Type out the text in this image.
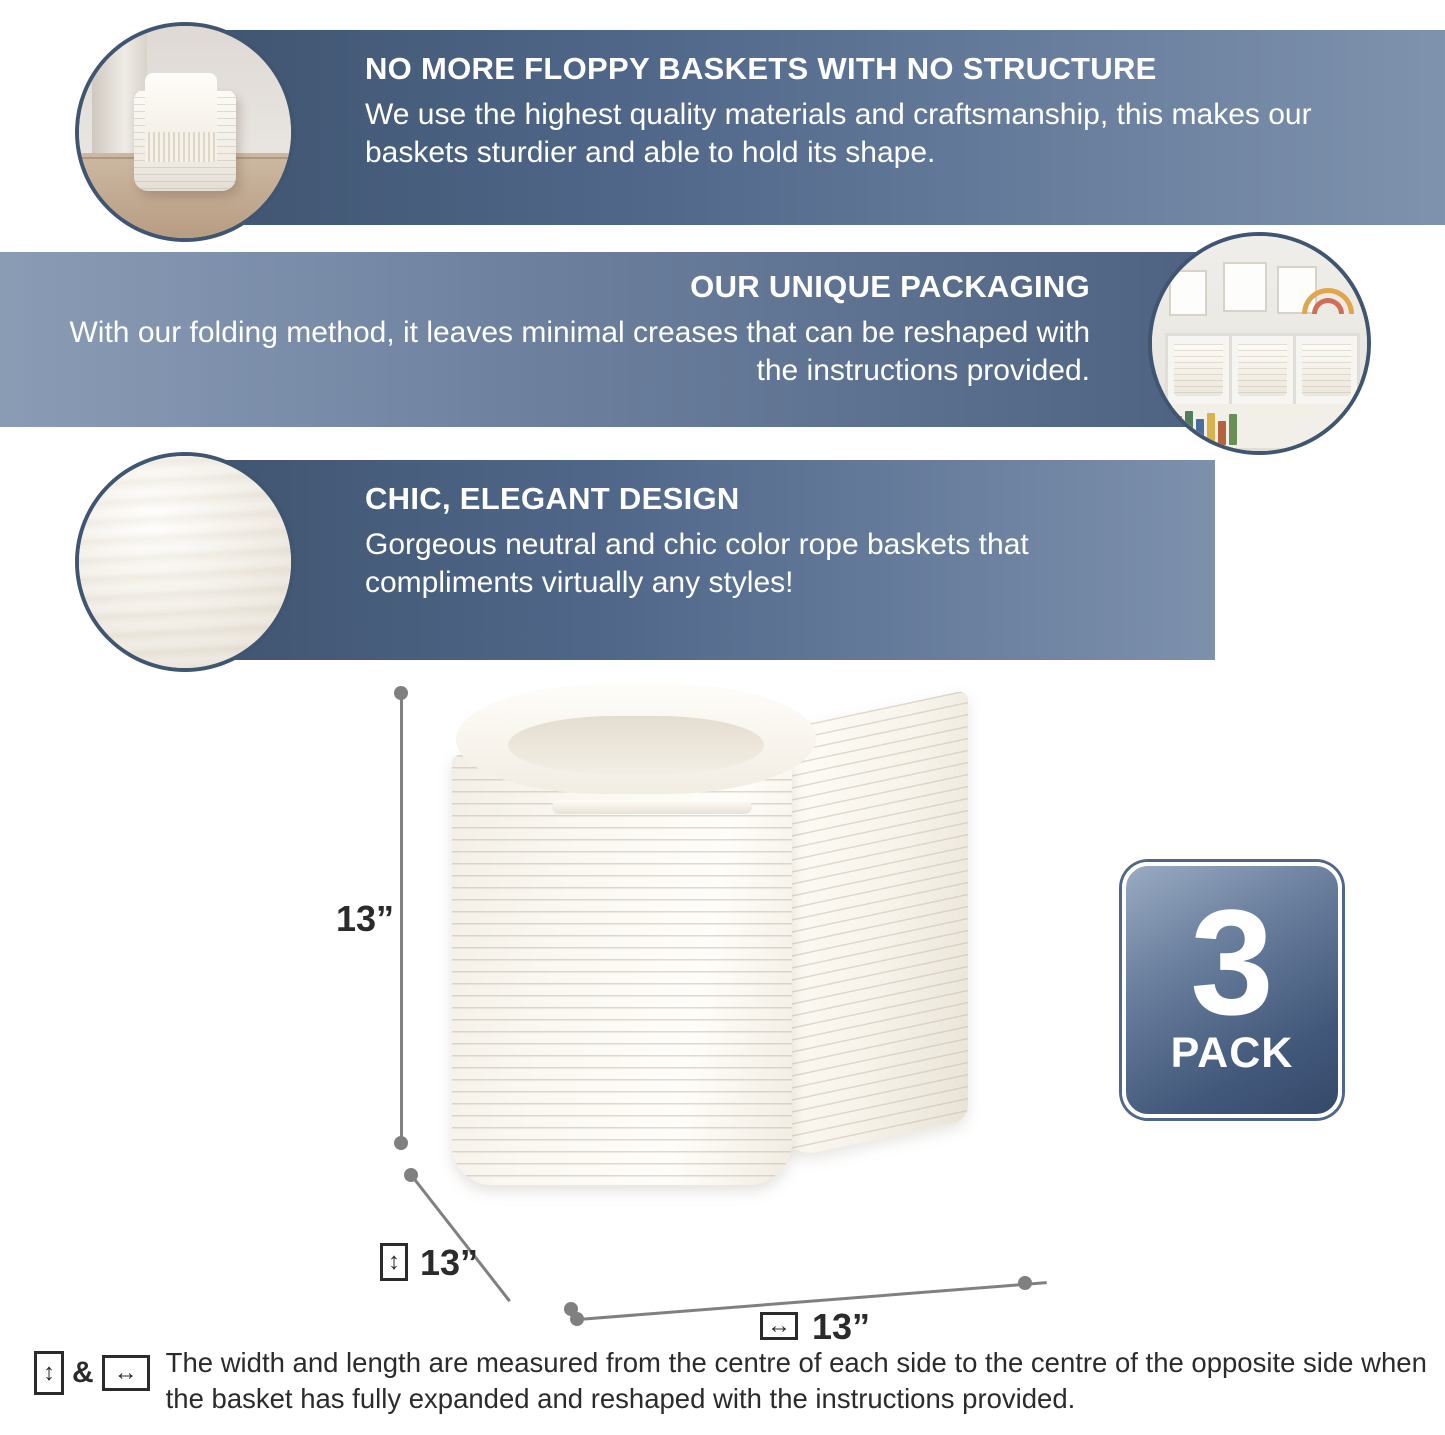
NO MORE FLOPPY BASKETS WITH NO STRUCTURE

We use the highest quality materials and craftsmanship, this makes our baskets sturdier and able to hold its shape.

OUR UNIQUE PACKAGING

With our folding method, it leaves minimal creases that can be reshaped with the instructions provided.

CHIC, ELEGANT DESIGN

Gorgeous neutral and chic color rope baskets that compliments virtually any styles!

13”
↕ 13”
↔ 13”
3
PACK
↕ & ↔ The width and length are measured from the centre of each side to the centre of the opposite side when the basket has fully expanded and reshaped with the instructions provided.
